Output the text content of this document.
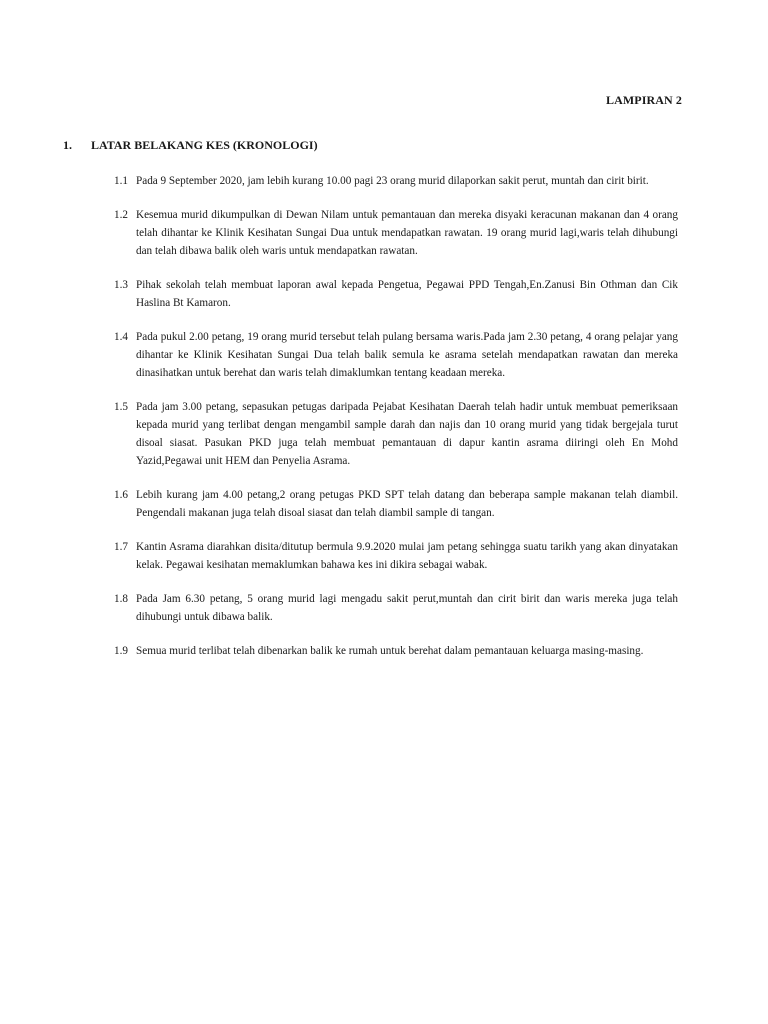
LAMPIRAN 2
1.	LATAR BELAKANG KES (KRONOLOGI)
1.1 Pada 9 September 2020, jam lebih kurang 10.00 pagi 23 orang murid dilaporkan sakit perut, muntah dan cirit birit.
1.2 Kesemua murid dikumpulkan di Dewan Nilam untuk pemantauan dan mereka disyaki keracunan makanan dan 4 orang telah dihantar ke Klinik Kesihatan Sungai Dua untuk mendapatkan rawatan. 19 orang murid lagi,waris telah dihubungi dan telah dibawa balik oleh waris untuk mendapatkan rawatan.
1.3 Pihak sekolah telah membuat laporan awal kepada Pengetua, Pegawai PPD Tengah,En.Zanusi Bin Othman dan Cik Haslina Bt Kamaron.
1.4 Pada pukul 2.00 petang, 19 orang murid tersebut telah pulang bersama waris.Pada jam 2.30 petang, 4 orang pelajar yang dihantar ke Klinik Kesihatan Sungai Dua telah balik semula ke asrama setelah mendapatkan rawatan dan mereka dinasihatkan untuk berehat dan waris telah dimaklumkan tentang keadaan mereka.
1.5 Pada jam 3.00 petang, sepasukan petugas daripada Pejabat Kesihatan Daerah telah hadir untuk membuat pemeriksaan kepada murid yang terlibat dengan mengambil sample darah dan najis dan 10 orang murid yang tidak bergejala turut disoal siasat. Pasukan PKD juga telah membuat pemantauan di dapur kantin asrama diiringi oleh En Mohd Yazid,Pegawai unit HEM dan Penyelia Asrama.
1.6 Lebih kurang jam 4.00 petang,2 orang petugas PKD SPT telah datang dan beberapa sample makanan telah diambil. Pengendali makanan juga telah disoal siasat dan telah diambil sample di tangan.
1.7 Kantin Asrama diarahkan disita/ditutup bermula 9.9.2020 mulai jam petang sehingga suatu tarikh yang akan dinyatakan kelak. Pegawai kesihatan memaklumkan bahawa kes ini dikira sebagai wabak.
1.8 Pada Jam 6.30 petang, 5 orang murid lagi mengadu sakit perut,muntah dan cirit birit dan waris mereka juga telah dihubungi untuk dibawa balik.
1.9 Semua murid terlibat telah dibenarkan balik ke rumah untuk berehat dalam pemantauan keluarga masing-masing.
